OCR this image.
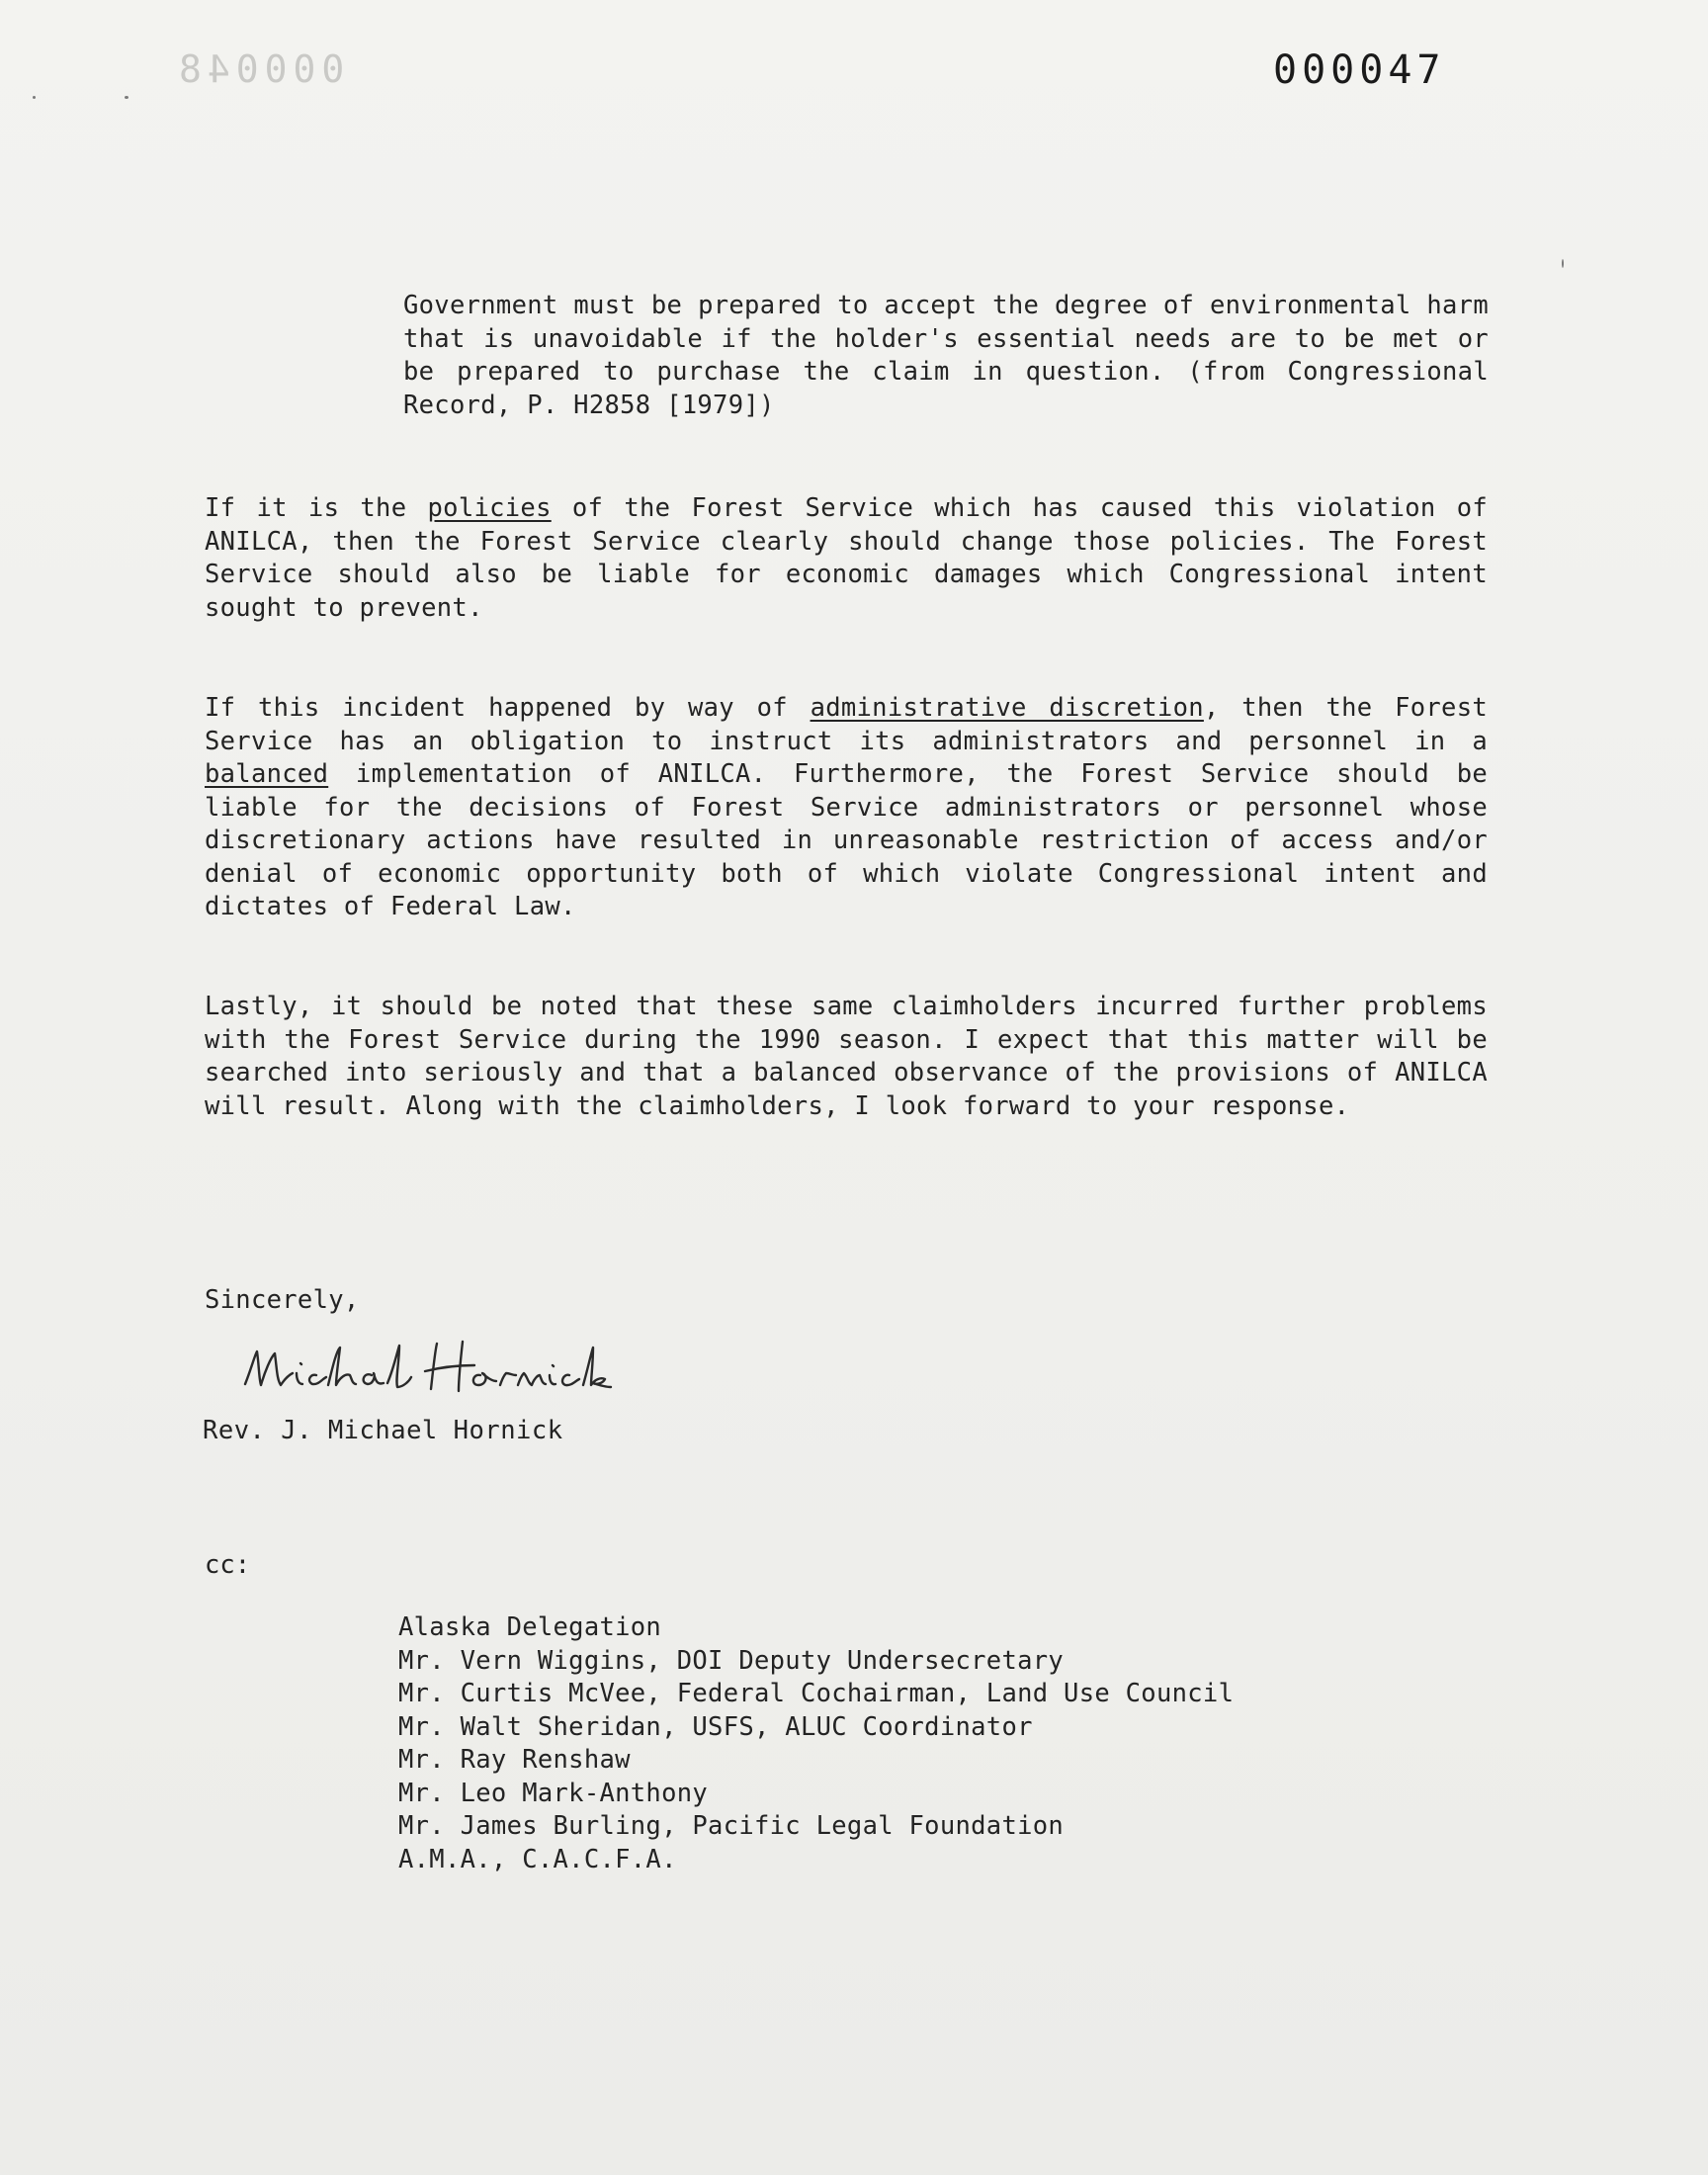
000048	000047

Government must be prepared to accept the degree of environmental harm that is unavoidable if the holder's essential needs are to be met or be prepared to purchase the claim in question. (from Congressional Record, P. H2858 [1979])

If it is the policies of the Forest Service which has caused this violation of ANILCA, then the Forest Service clearly should change those policies. The Forest Service should also be liable for economic damages which Congressional intent sought to prevent.

If this incident happened by way of administrative discretion, then the Forest Service has an obligation to instruct its administrators and personnel in a balanced implementation of ANILCA. Furthermore, the Forest Service should be liable for the decisions of Forest Service administrators or personnel whose discretionary actions have resulted in unreasonable restriction of access and/or denial of economic opportunity both of which violate Congressional intent and dictates of Federal Law.

Lastly, it should be noted that these same claimholders incurred further problems with the Forest Service during the 1990 season. I expect that this matter will be searched into seriously and that a balanced observance of the provisions of ANILCA will result. Along with the claimholders, I look forward to your response.

Sincerely,
Rev. J. Michael Hornick
cc:
Alaska Delegation
Mr. Vern Wiggins, DOI Deputy Undersecretary
Mr. Curtis McVee, Federal Cochairman, Land Use Council
Mr. Walt Sheridan, USFS, ALUC Coordinator
Mr. Ray Renshaw
Mr. Leo Mark-Anthony
Mr. James Burling, Pacific Legal Foundation
A.M.A., C.A.C.F.A.
